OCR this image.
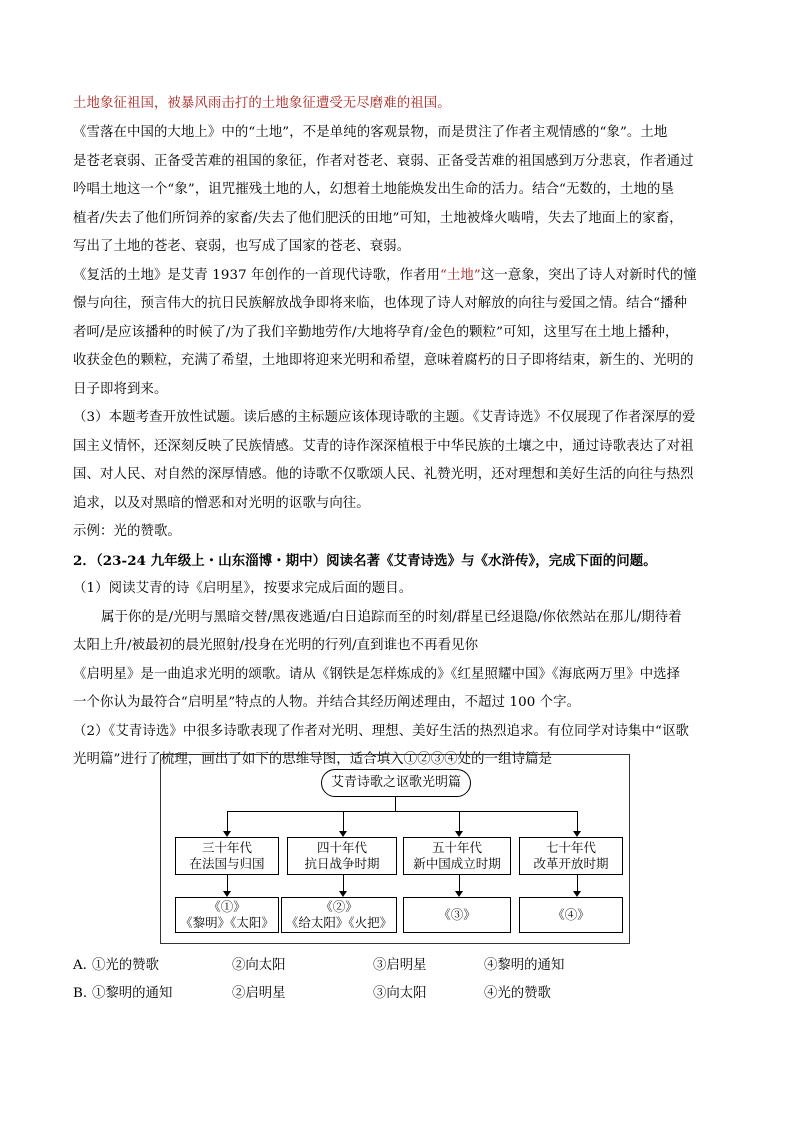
土地象征祖国，被暴风雨击打的土地象征遭受无尽磨难的祖国。
《雪落在中国的大地上》中的“土地”，不是单纯的客观景物，而是贯注了作者主观情感的“象”。土地
是苍老衰弱、正备受苦难的祖国的象征，作者对苍老、衰弱、正备受苦难的祖国感到万分悲哀，作者通过
吟唱土地这一个“象”，诅咒摧残土地的人，幻想着土地能焕发出生命的活力。结合“无数的，土地的垦
植者/失去了他们所饲养的家畜/失去了他们肥沃的田地”可知，土地被烽火啮啃，失去了地面上的家畜，
写出了土地的苍老、衰弱，也写成了国家的苍老、衰弱。
《复活的土地》是艾青 1937 年创作的一首现代诗歌，作者用“土地”这一意象，突出了诗人对新时代的憧
憬与向往，预言伟大的抗日民族解放战争即将来临，也体现了诗人对解放的向往与爱国之情。结合“播种
者呵/是应该播种的时候了/为了我们辛勤地劳作/大地将孕育/金色的颗粒”可知，这里写在土地上播种，
收获金色的颗粒，充满了希望，土地即将迎来光明和希望，意味着腐朽的日子即将结束，新生的、光明的
日子即将到来。
（3）本题考查开放性试题。读后感的主标题应该体现诗歌的主题。《艾青诗选》不仅展现了作者深厚的爱
国主义情怀，还深刻反映了民族情感。艾青的诗作深深植根于中华民族的土壤之中，通过诗歌表达了对祖
国、对人民、对自然的深厚情感。他的诗歌不仅歌颂人民、礼赞光明，还对理想和美好生活的向往与热烈
追求，以及对黑暗的憎恶和对光明的讴歌与向往。
示例：光的赞歌。
2．（23-24 九年级上・山东淄博・期中）阅读名著《艾青诗选》与《水浒传》，完成下面的问题。
（1）阅读艾青的诗《启明星》，按要求完成后面的题目。
属于你的是/光明与黑暗交替/黑夜逃遁/白日追踪而至的时刻/群星已经退隐/你依然站在那儿/期待着
太阳上升/被最初的晨光照射/投身在光明的行列/直到谁也不再看见你
《启明星》是一曲追求光明的颂歌。请从《钢铁是怎样炼成的》《红星照耀中国》《海底两万里》中选择
一个你认为最符合“启明星”特点的人物。并结合其经历阐述理由，不超过 100 个字。
（2）《艾青诗选》中很多诗歌表现了作者对光明、理想、美好生活的热烈追求。有位同学对诗集中“讴歌
光明篇”进行了梳理，画出了如下的思维导图，适合填入①②③④处的一组诗篇是
艾青诗歌之讴歌光明篇
三十年代
在法国与归国
四十年代
抗日战争时期
五十年代
新中国成立时期
七十年代
改革开放时期
《①》
《黎明》《太阳》
《②》
《给太阳》《火把》
《③》	《④》
A．
①光的赞歌	②向太阳	③启明星	④黎明的通知
B．
①黎明的通知	②启明星	③向太阳	④光的赞歌
